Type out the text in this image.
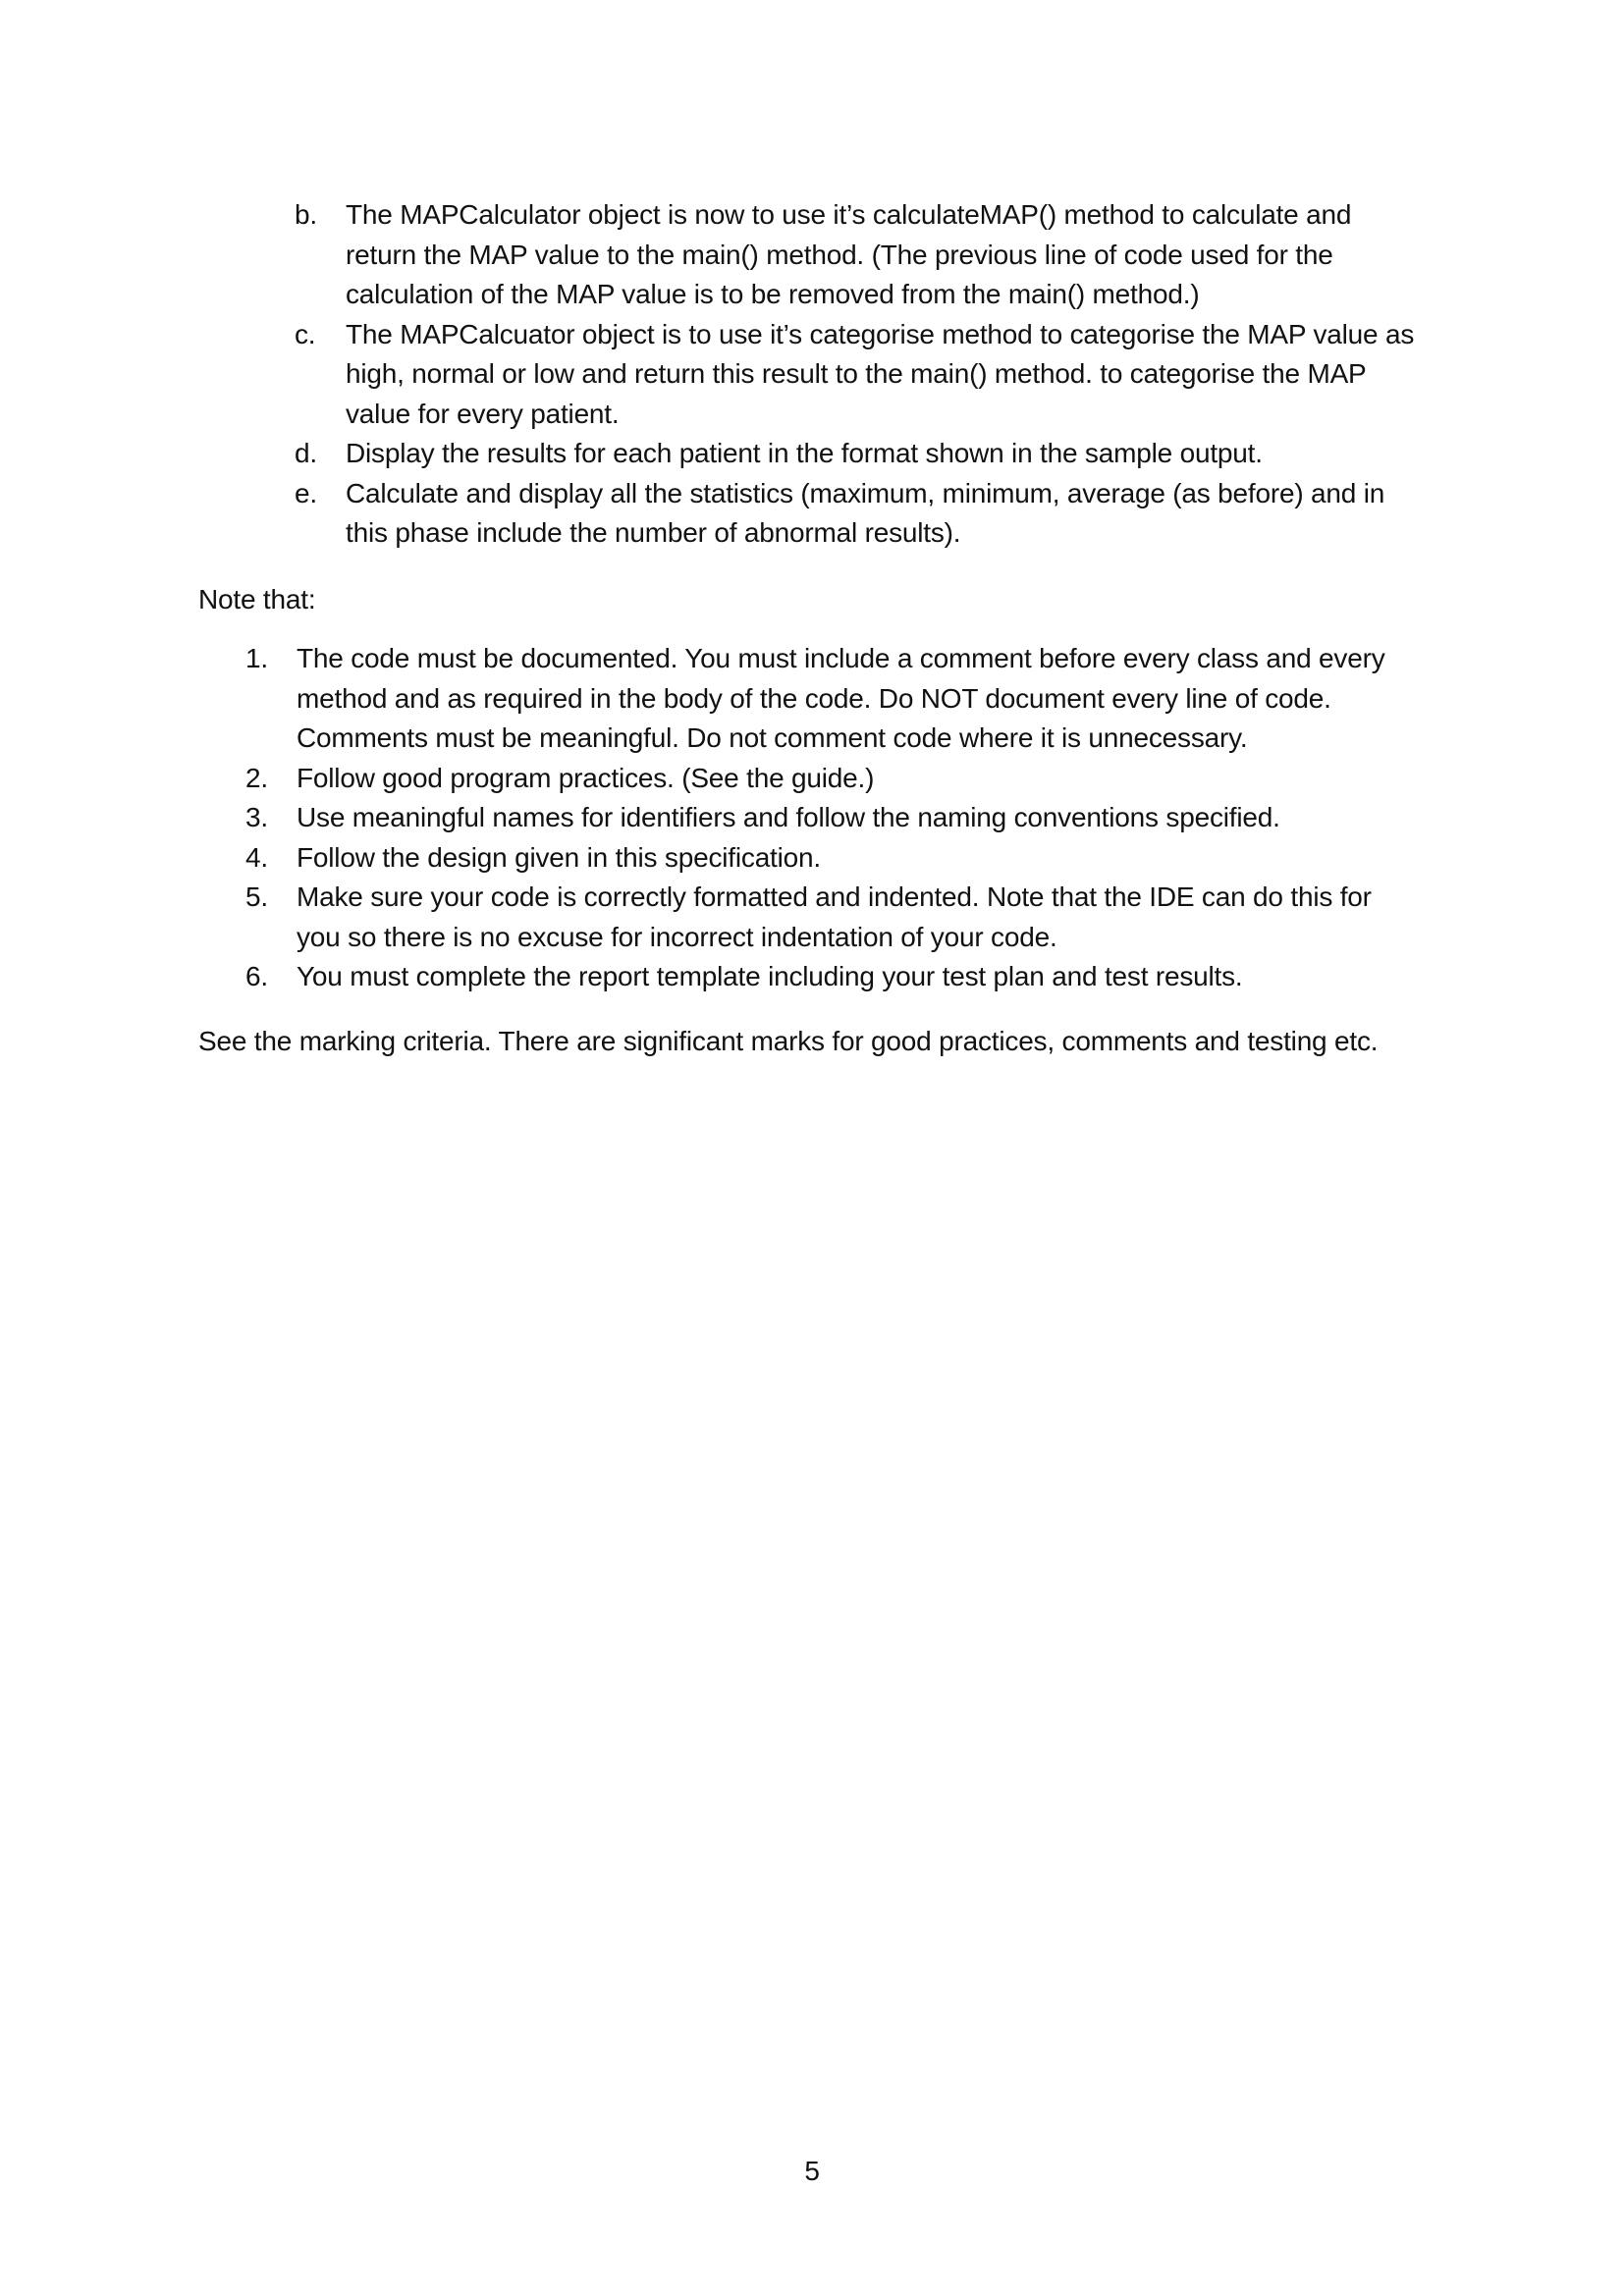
b. The MAPCalculator object is now to use it’s calculateMAP() method to calculate and
return the MAP value to the main() method. (The previous line of code used for the
calculation of the MAP value is to be removed from the main() method.)
c. The MAPCalcuator object is to use it’s categorise method to categorise the MAP value as
high, normal or low and return this result to the main() method. to categorise the MAP
value for every patient.
d. Display the results for each patient in the format shown in the sample output.
e. Calculate and display all the statistics (maximum, minimum, average (as before) and in
this phase include the number of abnormal results).

Note that:

1. The code must be documented. You must include a comment before every class and every
method and as required in the body of the code. Do NOT document every line of code.
Comments must be meaningful. Do not comment code where it is unnecessary.
2. Follow good program practices. (See the guide.)
3. Use meaningful names for identifiers and follow the naming conventions specified.
4. Follow the design given in this specification.
5. Make sure your code is correctly formatted and indented. Note that the IDE can do this for
you so there is no excuse for incorrect indentation of your code.
6. You must complete the report template including your test plan and test results.

See the marking criteria. There are significant marks for good practices, comments and testing etc.

5
